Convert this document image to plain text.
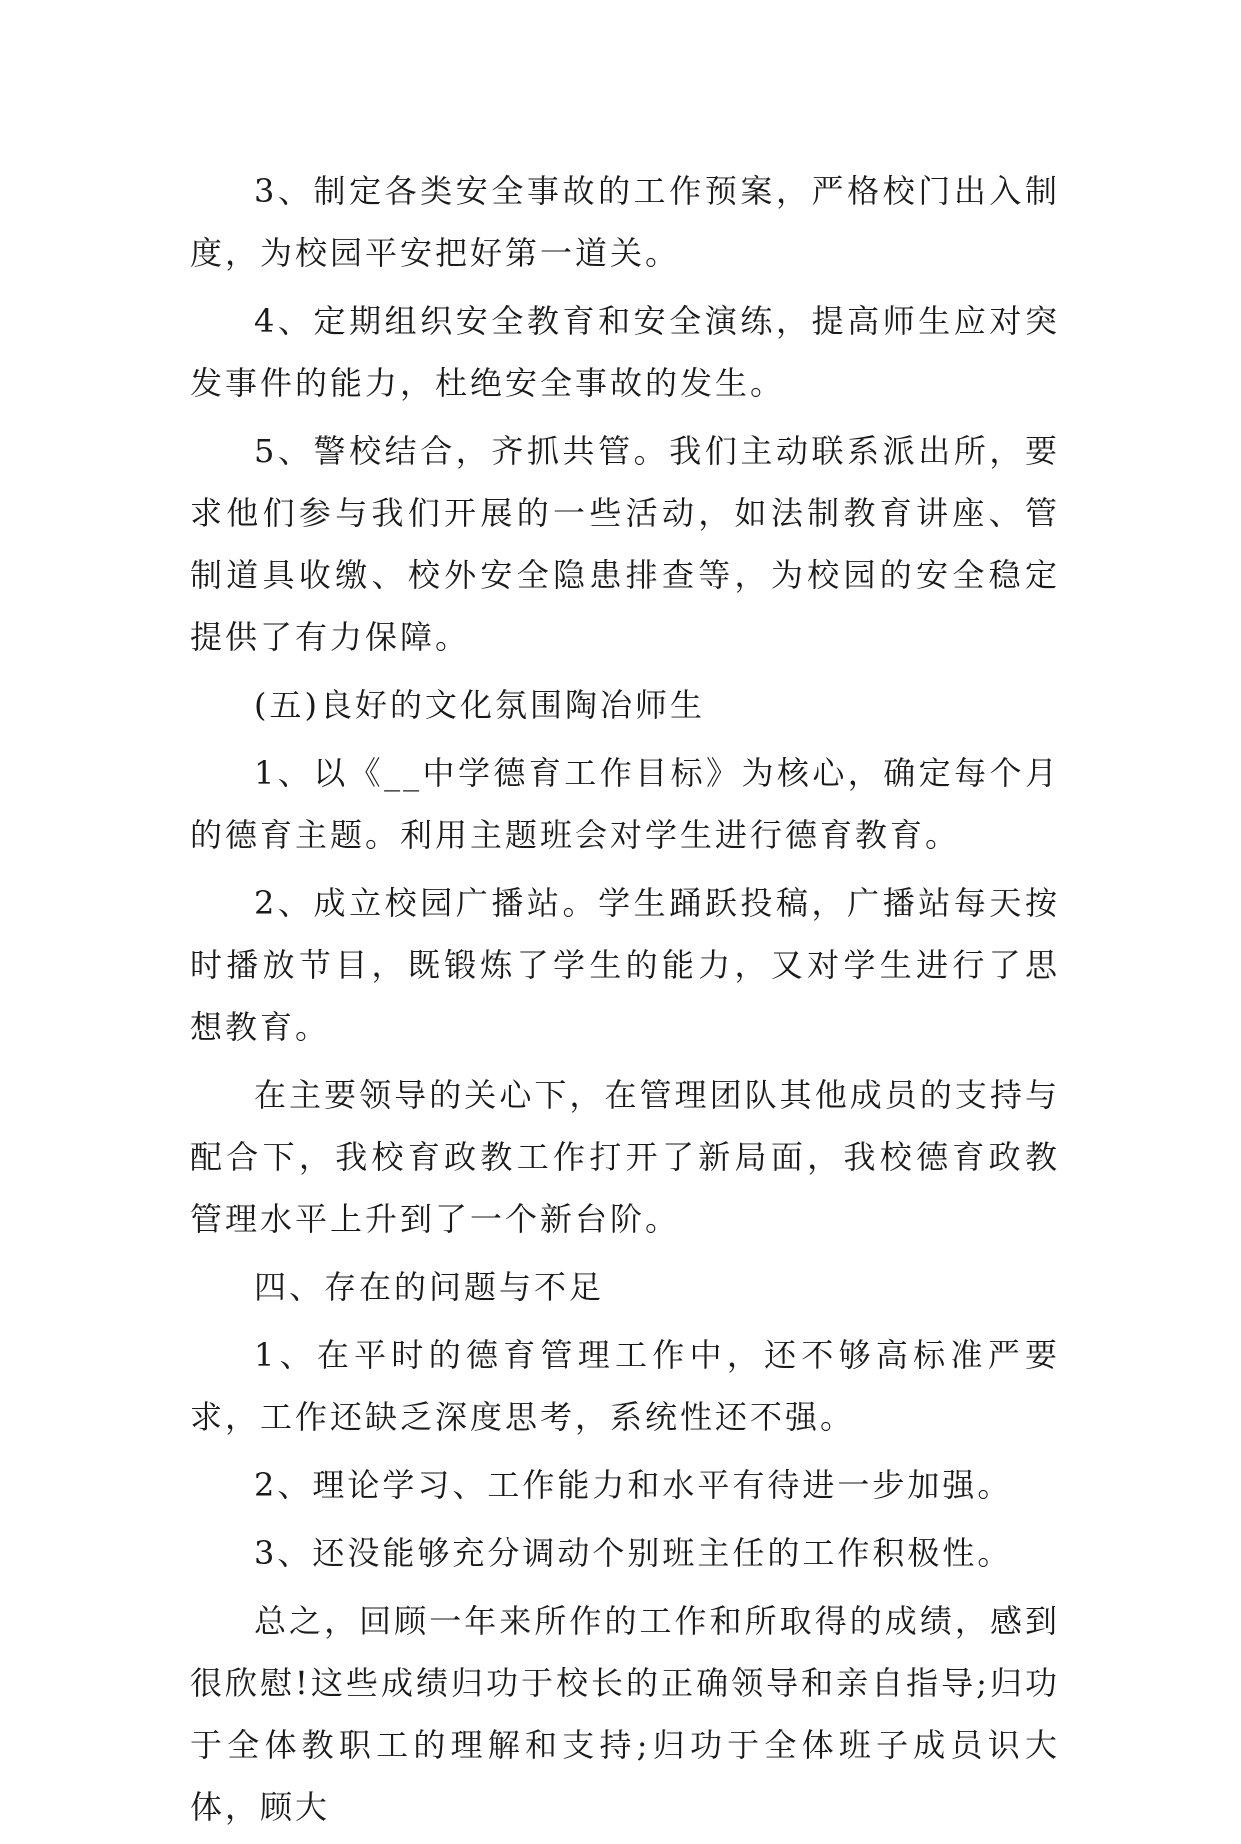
3、制定各类安全事故的工作预案，严格校门出入制度，为校园平安把好第一道关。

4、定期组织安全教育和安全演练，提高师生应对突发事件的能力，杜绝安全事故的发生。

5、警校结合，齐抓共管。我们主动联系派出所，要求他们参与我们开展的一些活动，如法制教育讲座、管制道具收缴、校外安全隐患排查等，为校园的安全稳定提供了有力保障。

(五)良好的文化氛围陶冶师生

1、以《__中学德育工作目标》为核心，确定每个月的德育主题。利用主题班会对学生进行德育教育。

2、成立校园广播站。学生踊跃投稿，广播站每天按时播放节目，既锻炼了学生的能力，又对学生进行了思想教育。

在主要领导的关心下，在管理团队其他成员的支持与配合下，我校育政教工作打开了新局面，我校德育政教管理水平上升到了一个新台阶。

四、存在的问题与不足

1、在平时的德育管理工作中，还不够高标准严要求，工作还缺乏深度思考，系统性还不强。

2、理论学习、工作能力和水平有待进一步加强。

3、还没能够充分调动个别班主任的工作积极性。

总之，回顾一年来所作的工作和所取得的成绩，感到很欣慰!这些成绩归功于校长的正确领导和亲自指导;归功于全体教职工的理解和支持;归功于全体班子成员识大体，顾大
